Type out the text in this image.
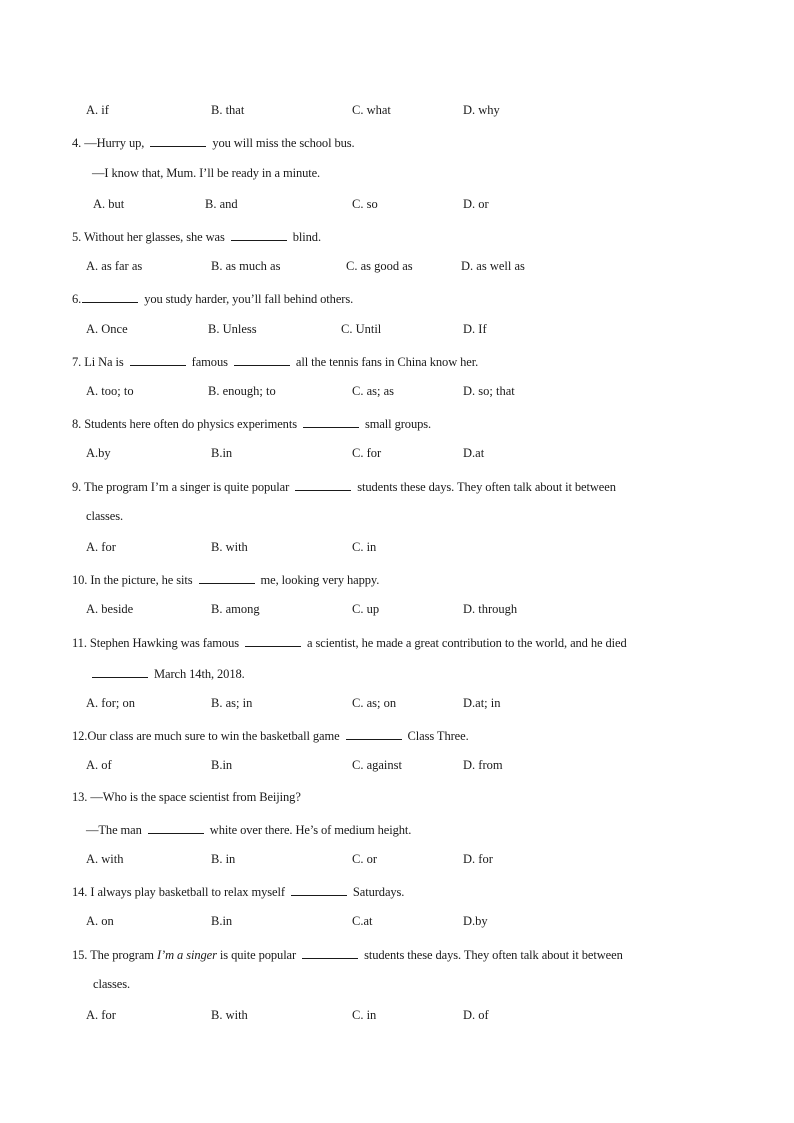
A. if	B. that	C. what	D. why
4. —Hurry up,	you will miss the school bus.
—I know that, Mum. I’ll be ready in a minute.
A. but	B. and	C. so	D. or
5. Without her glasses, she was	blind.
A. as far as	B. as much as	C. as good as	D. as well as
6.	you study harder, you’ll fall behind others.
A. Once	B. Unless	C. Until	D. If
7. Li Na is	famous	all the tennis fans in China know her.
A. too; to	B. enough; to	C. as; as	D. so; that
8. Students here often do physics experiments	small groups.
A.by	B.in	C. for	D.at
9. The program I’m a singer is quite popular	students these days. They often talk about it between
classes.
A. for	B. with	C. in
10. In the picture, he sits	me, looking very happy.
A. beside	B. among	C. up	D. through
11. Stephen Hawking was famous	a scientist, he made a great contribution to the world, and he died
March 14th, 2018.
A. for; on	B. as; in	C. as; on	D.at; in
12.Our class are much sure to win the basketball game	Class Three.
A. of	B.in	C. against	D. from
13. —Who is the space scientist from Beijing?
—The man	white over there. He’s of medium height.
A. with	B. in	C. or	D. for
14. I always play basketball to relax myself	Saturdays.
A. on	B.in	C.at	D.by
15. The program I’m a singer is quite popular	students these days. They often talk about it between
classes.
A. for	B. with	C. in	D. of
